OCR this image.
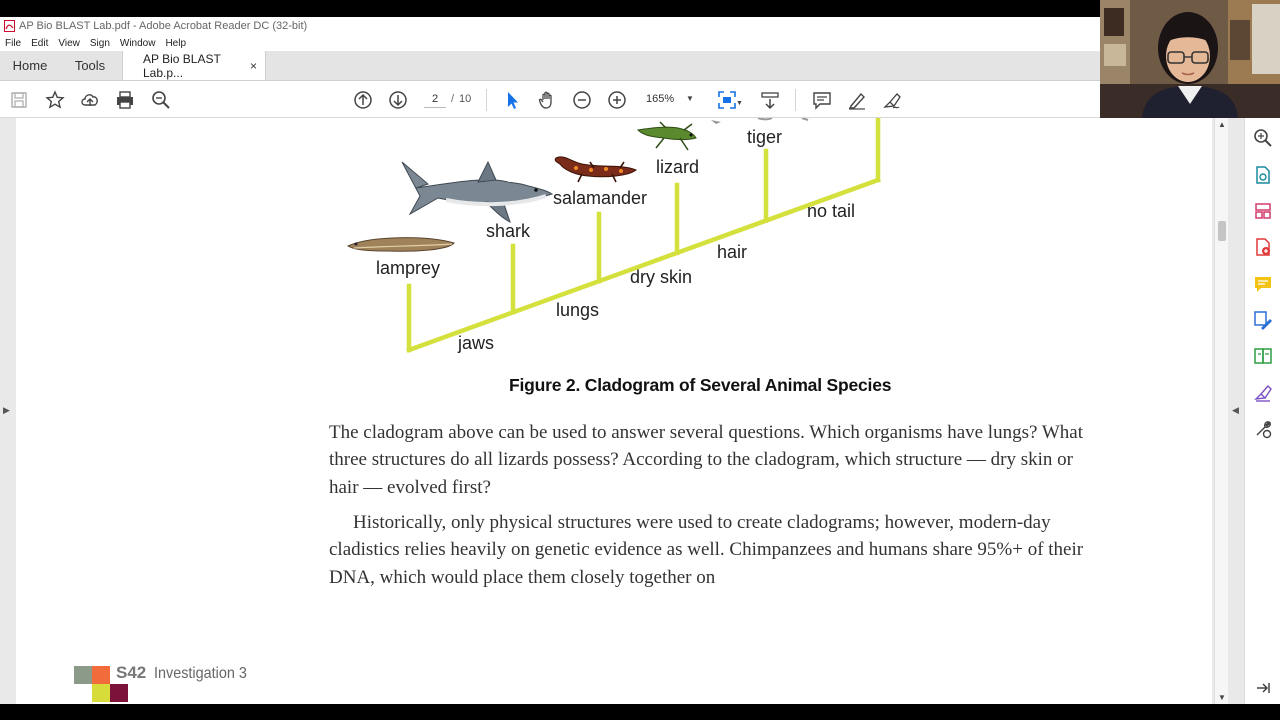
AP Bio BLAST Lab.pdf - Adobe Acrobat Reader DC (32-bit)
File Edit View Sign Window Help
Home	Tools	AP Bio BLAST Lab.p...	×
2	/ 10	165%	▼
▼
▶
lamprey
shark
salamander
lizard
tiger
jaws
lungs
dry skin
hair
no tail
Figure 2. Cladogram of Several Animal Species

The cladogram above can be used to answer several questions. Which organisms have lungs? What three structures do all lizards possess? According to the cladogram, which structure — dry skin or hair — evolved first?

Historically, only physical structures were used to create cladograms; however, modern-day cladistics relies heavily on genetic evidence as well. Chimpanzees and humans share 95%+ of their DNA, which would place them closely together on

S42 Investigation 3
◀
▲
▼
